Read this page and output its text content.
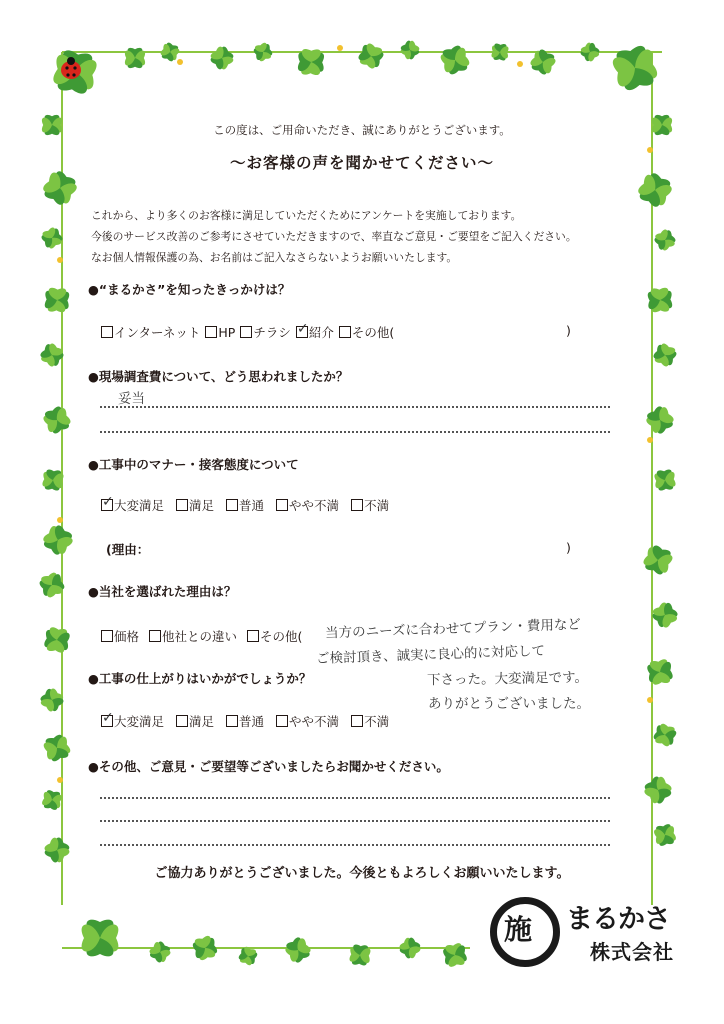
この度は、ご用命いただき、誠にありがとうございます。
〜お客様の声を聞かせてください〜
これから、より多くのお客様に満足していただくためにアンケートを実施しております。
今後のサービス改善のご参考にさせていただきますので、率直なご意見・ご要望をご記入ください。
なお個人情報保護の為、お名前はご記入なさらないようお願いいたします。
●“まるかさ”を知ったきっかけは？
インターネット HP チラシ ✓ 紹介 その他(	)
●現場調査費について、どう思われましたか？
妥当
●工事中のマナー・接客態度について
✓大変満足 満足 普通 やや不満 不満
(理由：	)
●当社を選ばれた理由は？
価格 他社との違い その他(	当方のニーズに合わせてプラン・費用など
ご検討頂き、誠実に良心的に対応して
下さった。大変満足です。
ありがとうございました。
●工事の仕上がりはいかがでしょうか？
✓大変満足 満足 普通 やや不満 不満
●その他、ご意見・ご要望等ございましたらお聞かせください。
ご協力ありがとうございました。今後ともよろしくお願いいたします。
施 まるかさ
株式会社
